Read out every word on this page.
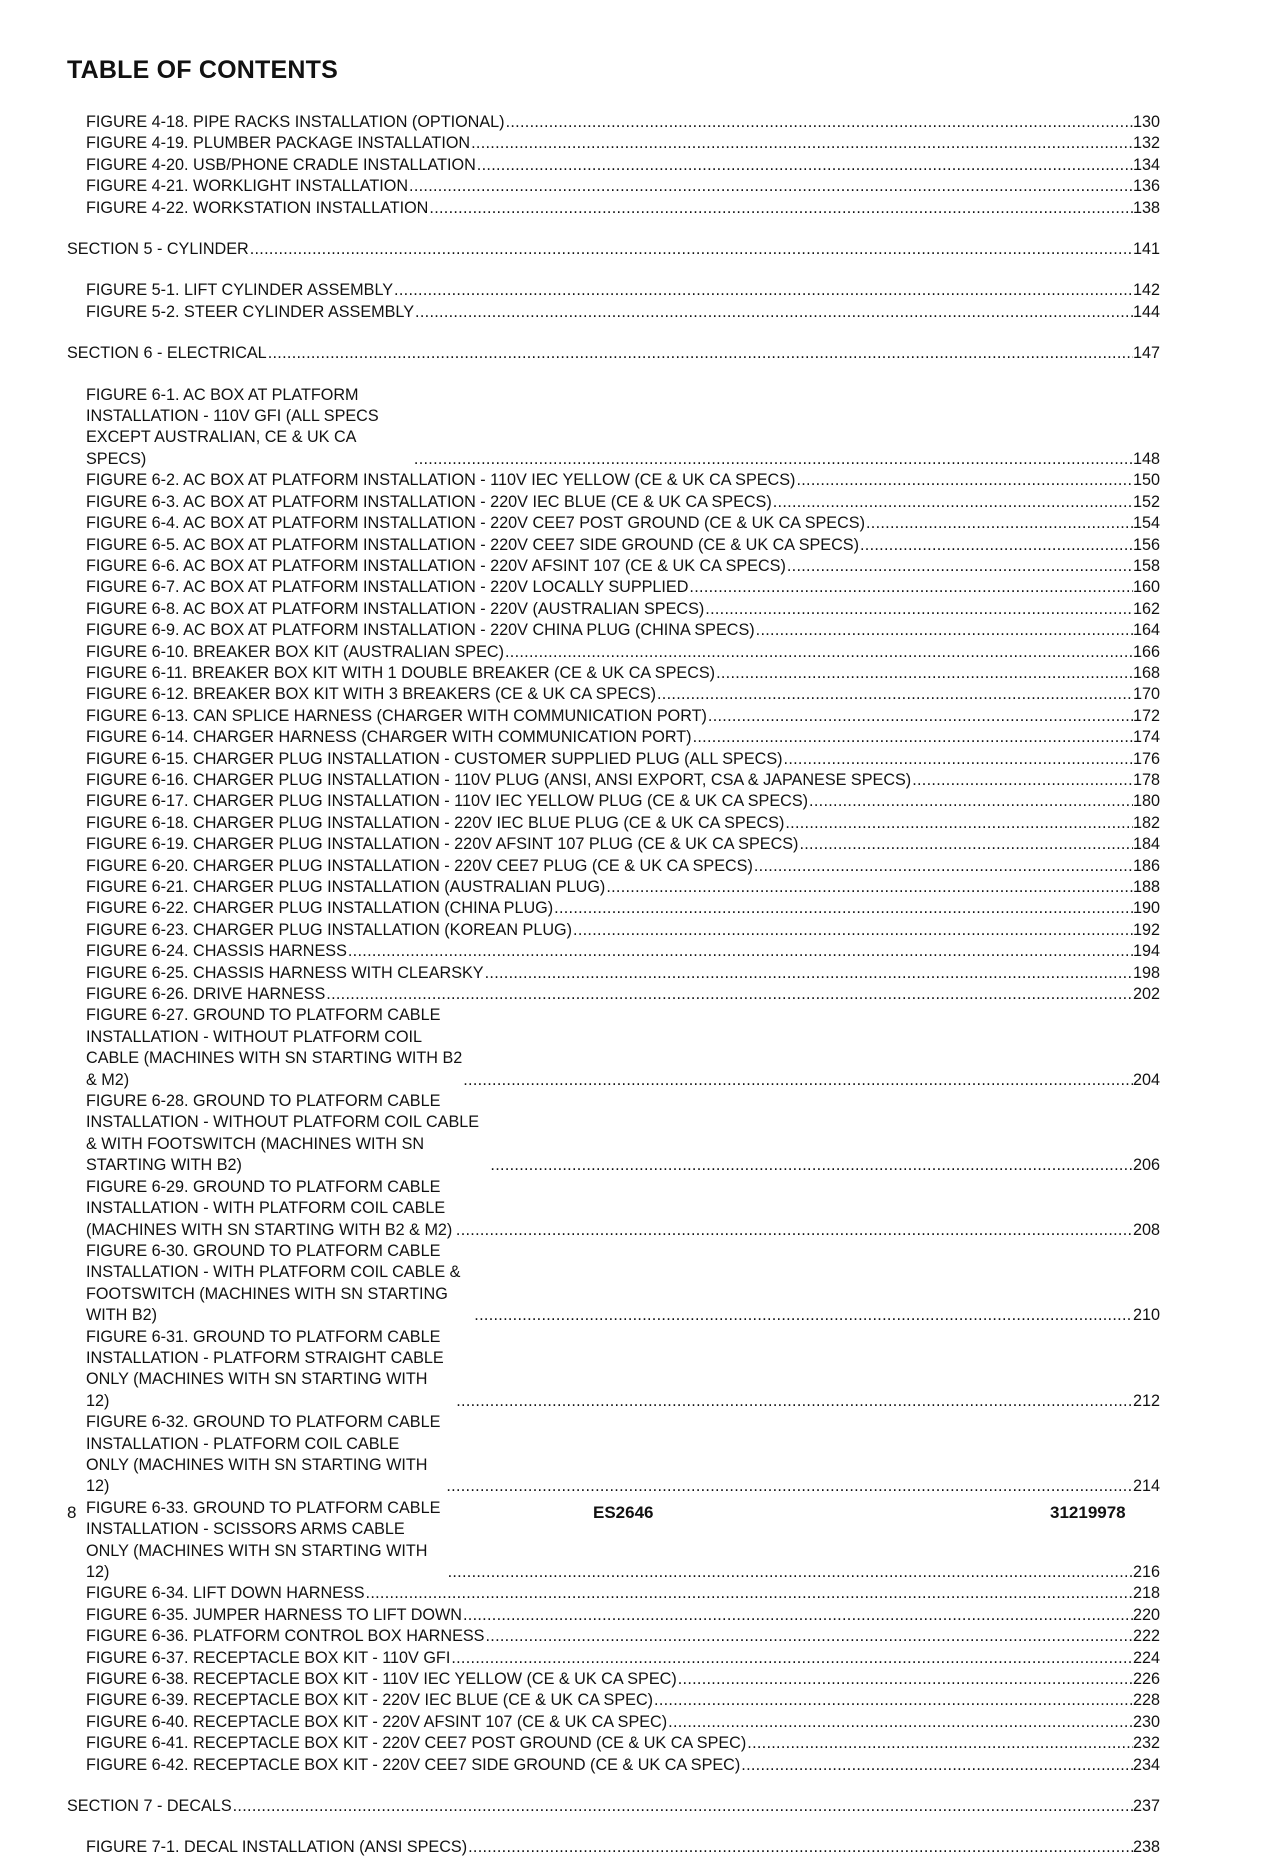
TABLE OF CONTENTS
FIGURE 4-18. PIPE RACKS INSTALLATION (OPTIONAL) .....	130
FIGURE 4-19. PLUMBER PACKAGE INSTALLATION .....	132
FIGURE 4-20. USB/PHONE CRADLE INSTALLATION .....	134
FIGURE 4-21. WORKLIGHT INSTALLATION .....	136
FIGURE 4-22. WORKSTATION INSTALLATION .....	138
SECTION 5 - CYLINDER .....	141
FIGURE 5-1. LIFT CYLINDER ASSEMBLY .....	142
FIGURE 5-2. STEER CYLINDER ASSEMBLY .....	144
SECTION 6 - ELECTRICAL .....	147
FIGURE 6-1. AC BOX AT PLATFORM INSTALLATION - 110V GFI (ALL SPECS EXCEPT AUSTRALIAN, CE & UK CA SPECS) .....	148
FIGURE 6-2. AC BOX AT PLATFORM INSTALLATION - 110V IEC YELLOW (CE & UK CA SPECS) .....	150
FIGURE 6-3. AC BOX AT PLATFORM INSTALLATION - 220V IEC BLUE (CE & UK CA SPECS) .....	152
FIGURE 6-4. AC BOX AT PLATFORM INSTALLATION - 220V CEE7 POST GROUND (CE & UK CA SPECS) .....	154
FIGURE 6-5. AC BOX AT PLATFORM INSTALLATION - 220V CEE7 SIDE GROUND (CE & UK CA SPECS) .....	156
FIGURE 6-6. AC BOX AT PLATFORM INSTALLATION - 220V AFSINT 107 (CE & UK CA SPECS) .....	158
FIGURE 6-7. AC BOX AT PLATFORM INSTALLATION - 220V LOCALLY SUPPLIED .....	160
FIGURE 6-8. AC BOX AT PLATFORM INSTALLATION - 220V (AUSTRALIAN SPECS) .....	162
FIGURE 6-9. AC BOX AT PLATFORM INSTALLATION - 220V CHINA PLUG (CHINA SPECS) .....	164
FIGURE 6-10. BREAKER BOX KIT (AUSTRALIAN SPEC) .....	166
FIGURE 6-11. BREAKER BOX KIT WITH 1 DOUBLE BREAKER (CE & UK CA SPECS) .....	168
FIGURE 6-12. BREAKER BOX KIT WITH 3 BREAKERS (CE & UK CA SPECS) .....	170
FIGURE 6-13. CAN SPLICE HARNESS (CHARGER WITH COMMUNICATION PORT) .....	172
FIGURE 6-14. CHARGER HARNESS (CHARGER WITH COMMUNICATION PORT) .....	174
FIGURE 6-15. CHARGER PLUG INSTALLATION - CUSTOMER SUPPLIED PLUG (ALL SPECS) .....	176
FIGURE 6-16. CHARGER PLUG INSTALLATION - 110V PLUG (ANSI, ANSI EXPORT, CSA & JAPANESE SPECS) .....	178
FIGURE 6-17. CHARGER PLUG INSTALLATION - 110V IEC YELLOW PLUG (CE & UK CA SPECS) .....	180
FIGURE 6-18. CHARGER PLUG INSTALLATION - 220V IEC BLUE PLUG (CE & UK CA SPECS) .....	182
FIGURE 6-19. CHARGER PLUG INSTALLATION - 220V AFSINT 107 PLUG (CE & UK CA SPECS) .....	184
FIGURE 6-20. CHARGER PLUG INSTALLATION - 220V CEE7 PLUG (CE & UK CA SPECS) .....	186
FIGURE 6-21. CHARGER PLUG INSTALLATION (AUSTRALIAN PLUG) .....	188
FIGURE 6-22. CHARGER PLUG INSTALLATION (CHINA PLUG) .....	190
FIGURE 6-23. CHARGER PLUG INSTALLATION (KOREAN PLUG) .....	192
FIGURE 6-24. CHASSIS HARNESS .....	194
FIGURE 6-25. CHASSIS HARNESS WITH CLEARSKY .....	198
FIGURE 6-26. DRIVE HARNESS .....	202
FIGURE 6-27. GROUND TO PLATFORM CABLE INSTALLATION - WITHOUT PLATFORM COIL CABLE (MACHINES WITH SN STARTING WITH B2 & M2) .....	204
FIGURE 6-28. GROUND TO PLATFORM CABLE INSTALLATION - WITHOUT PLATFORM COIL CABLE & WITH FOOTSWITCH (MACHINES WITH SN STARTING WITH B2) .....	206
FIGURE 6-29. GROUND TO PLATFORM CABLE INSTALLATION - WITH PLATFORM COIL CABLE (MACHINES WITH SN STARTING WITH B2 & M2) .....	208
FIGURE 6-30. GROUND TO PLATFORM CABLE INSTALLATION - WITH PLATFORM COIL CABLE & FOOTSWITCH (MACHINES WITH SN STARTING WITH B2) .....	210
FIGURE 6-31. GROUND TO PLATFORM CABLE INSTALLATION - PLATFORM STRAIGHT CABLE ONLY (MACHINES WITH SN STARTING WITH 12) .....	212
FIGURE 6-32. GROUND TO PLATFORM CABLE INSTALLATION - PLATFORM COIL CABLE ONLY (MACHINES WITH SN STARTING WITH 12) .....	214
FIGURE 6-33. GROUND TO PLATFORM CABLE INSTALLATION - SCISSORS ARMS CABLE ONLY (MACHINES WITH SN STARTING WITH 12) .....	216
FIGURE 6-34. LIFT DOWN HARNESS .....	218
FIGURE 6-35. JUMPER HARNESS TO LIFT DOWN .....	220
FIGURE 6-36. PLATFORM CONTROL BOX HARNESS .....	222
FIGURE 6-37. RECEPTACLE BOX KIT - 110V GFI .....	224
FIGURE 6-38. RECEPTACLE BOX KIT - 110V IEC YELLOW (CE & UK CA SPEC) .....	226
FIGURE 6-39. RECEPTACLE BOX KIT - 220V IEC BLUE (CE & UK CA SPEC) .....	228
FIGURE 6-40. RECEPTACLE BOX KIT - 220V AFSINT 107 (CE & UK CA SPEC) .....	230
FIGURE 6-41. RECEPTACLE BOX KIT - 220V CEE7 POST GROUND (CE & UK CA SPEC) .....	232
FIGURE 6-42. RECEPTACLE BOX KIT - 220V CEE7 SIDE GROUND (CE & UK CA SPEC) .....	234
SECTION 7 - DECALS .....	237
FIGURE 7-1. DECAL INSTALLATION (ANSI SPECS) .....	238
8	ES2646	31219978
